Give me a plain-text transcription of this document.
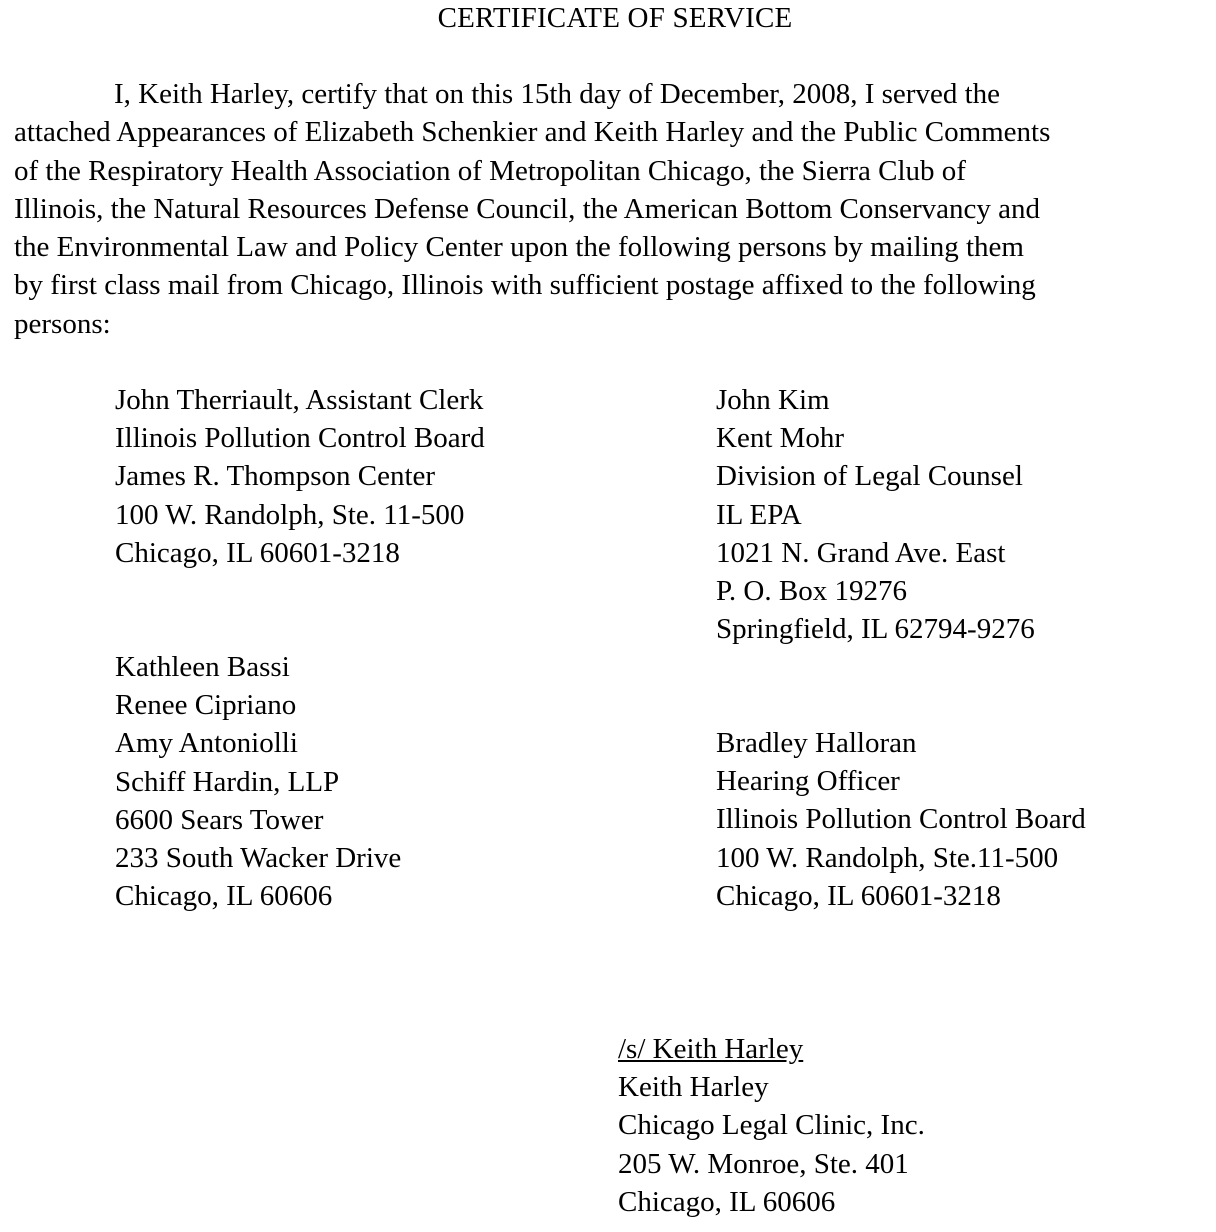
CERTIFICATE OF SERVICE
I, Keith Harley, certify that on this 15th day of December, 2008, I served the
attached Appearances of Elizabeth Schenkier and Keith Harley and the Public Comments
of the Respiratory Health Association of Metropolitan Chicago, the Sierra Club of
Illinois, the Natural Resources Defense Council, the American Bottom Conservancy and
the Environmental Law and Policy Center upon the following persons by mailing them
by first class mail from Chicago, Illinois with sufficient postage affixed to the following
persons:
John Therriault, Assistant Clerk
Illinois Pollution Control Board
James R. Thompson Center
100 W. Randolph, Ste. 11-500
Chicago, IL 60601-3218
John Kim
Kent Mohr
Division of Legal Counsel
IL EPA
1021 N. Grand Ave. East
P. O. Box 19276
Springfield, IL 62794-9276
Kathleen Bassi
Renee Cipriano
Amy Antoniolli
Schiff Hardin, LLP
6600 Sears Tower
233 South Wacker Drive
Chicago, IL 60606
Bradley Halloran
Hearing Officer
Illinois Pollution Control Board
100 W. Randolph, Ste.11-500
Chicago, IL 60601-3218
/s/ Keith Harley
Keith Harley
Chicago Legal Clinic, Inc.
205 W. Monroe, Ste. 401
Chicago, IL 60606
